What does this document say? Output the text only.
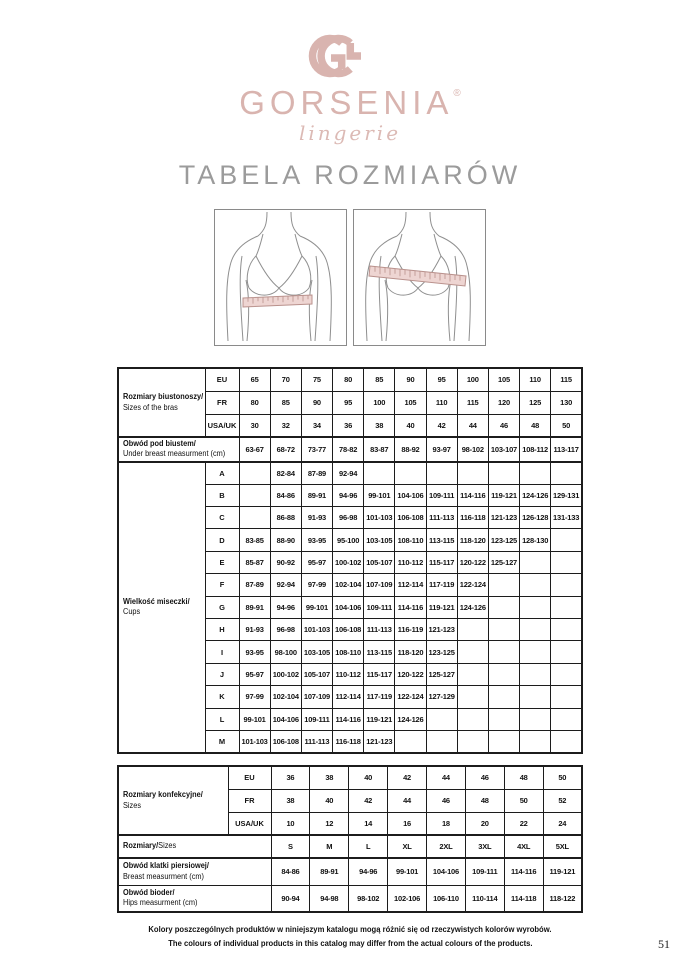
GORSENIA®
lingerie
TABELA ROZMIARÓW
Rozmiary biustonoszy/
Sizes of the bras	EU	65	70	75	80	85	90	95	100	105	110	115
	FR	80	85	90	95	100	105	110	115	120	125	130
	USA/UK	30	32	34	36	38	40	42	44	46	48	50

Obwód pod biustem/
Under breast measurment (cm)		63-67	68-72	73-77	78-82	83-87	88-92	93-97	98-102	103-107	108-112	113-117

Wielkość miseczki/
Cups	A		82-84	87-89	92-94							
	B		84-86	89-91	94-96	99-101	104-106	109-111	114-116	119-121	124-126	129-131
	C		86-88	91-93	96-98	101-103	106-108	111-113	116-118	121-123	126-128	131-133
	D	83-85	88-90	93-95	95-100	103-105	108-110	113-115	118-120	123-125	128-130	
	E	85-87	90-92	95-97	100-102	105-107	110-112	115-117	120-122	125-127		
	F	87-89	92-94	97-99	102-104	107-109	112-114	117-119	122-124			
	G	89-91	94-96	99-101	104-106	109-111	114-116	119-121	124-126			
	H	91-93	96-98	101-103	106-108	111-113	116-119	121-123				
	I	93-95	98-100	103-105	108-110	113-115	118-120	123-125				
	J	95-97	100-102	105-107	110-112	115-117	120-122	125-127				
	K	97-99	102-104	107-109	112-114	117-119	122-124	127-129				
	L	99-101	104-106	109-111	114-116	119-121	124-126					
	M	101-103	106-108	111-113	116-118	121-123						
Rozmiary konfekcyjne/
Sizes	EU	36	38	40	42	44	46	48	50
	FR	38	40	42	44	46	48	50	52
	USA/UK	10	12	14	16	18	20	22	24
Rozmiary/Sizes		S	M	L	XL	2XL	3XL	4XL	5XL

Obwód klatki piersiowej/
Breast measurment (cm)		84-86	89-91	94-96	99-101	104-106	109-111	114-116	119-121

Obwód bioder/
Hips measurment (cm)		90-94	94-98	98-102	102-106	106-110	110-114	114-118	118-122
Kolory poszczególnych produktów w niniejszym katalogu mogą różnić się od rzeczywistych kolorów wyrobów.
The colours of individual products in this catalog may differ from the actual colours of the products.	51
